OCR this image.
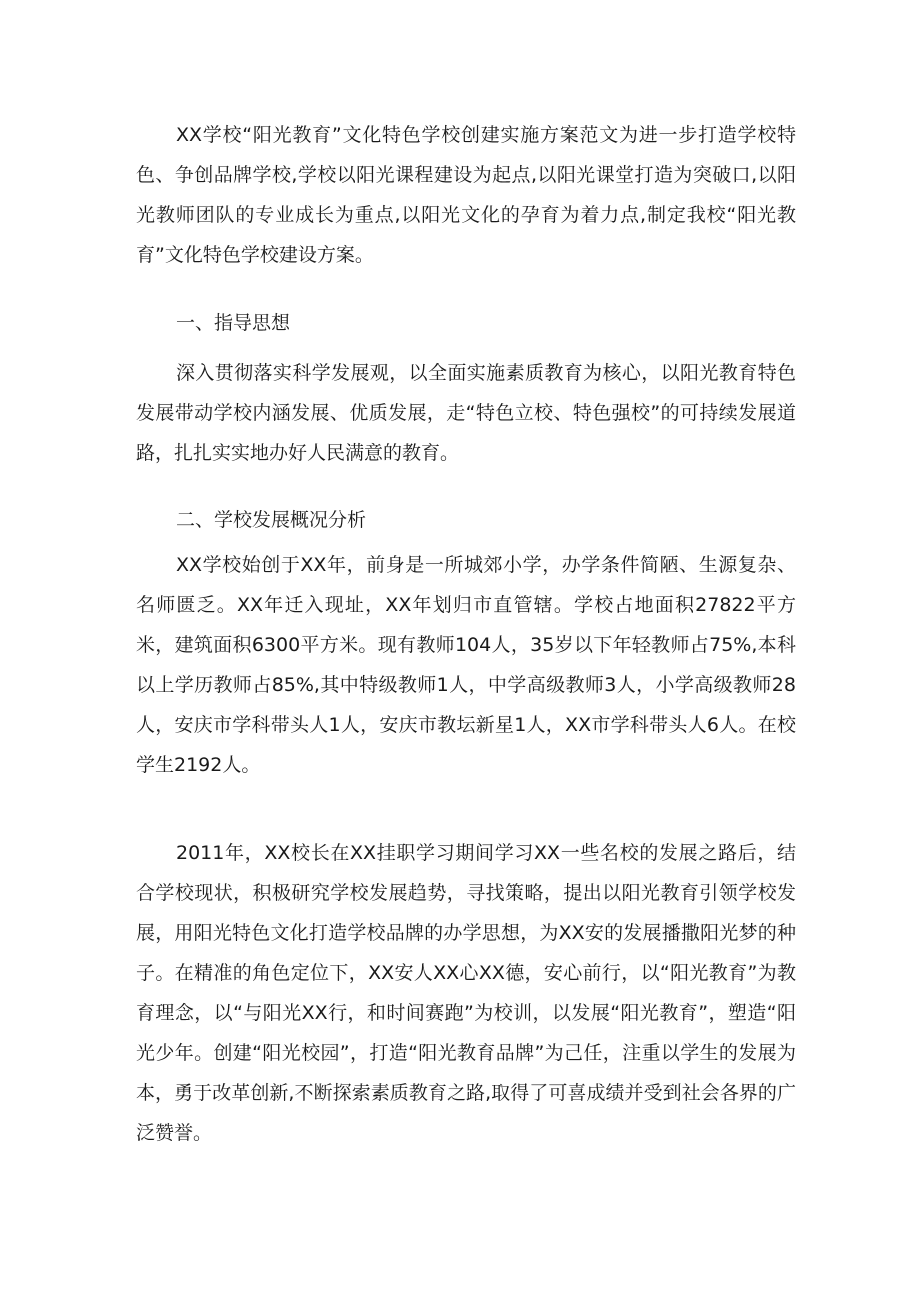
XX学校“阳光教育”文化特色学校创建实施方案范文为进一步打造学校特色、争创品牌学校,学校以阳光课程建设为起点,以阳光课堂打造为突破口,以阳光教师团队的专业成长为重点,以阳光文化的孕育为着力点,制定我校“阳光教育”文化特色学校建设方案。

一、指导思想

深入贯彻落实科学发展观，以全面实施素质教育为核心，以阳光教育特色发展带动学校内涵发展、优质发展，走“特色立校、特色强校”的可持续发展道路，扎扎实实地办好人民满意的教育。

二、学校发展概况分析

XX学校始创于XX年，前身是一所城郊小学，办学条件简陋、生源复杂、名师匮乏。XX年迁入现址，XX年划归市直管辖。学校占地面积27822平方米，建筑面积6300平方米。现有教师104人，35岁以下年轻教师占75%,本科以上学历教师占85%,其中特级教师1人，中学高级教师3人，小学高级教师28人，安庆市学科带头人1人，安庆市教坛新星1人，XX市学科带头人6人。在校学生2192人。

2011年，XX校长在XX挂职学习期间学习XX一些名校的发展之路后，结合学校现状，积极研究学校发展趋势，寻找策略，提出以阳光教育引领学校发展，用阳光特色文化打造学校品牌的办学思想，为XX安的发展播撒阳光梦的种子。在精准的角色定位下，XX安人XX心XX德，安心前行，以“阳光教育”为教育理念，以“与阳光XX行，和时间赛跑”为校训，以发展“阳光教育”，塑造“阳光少年。创建“阳光校园”，打造“阳光教育品牌”为己任，注重以学生的发展为本，勇于改革创新,不断探索素质教育之路,取得了可喜成绩并受到社会各界的广泛赞誉。
